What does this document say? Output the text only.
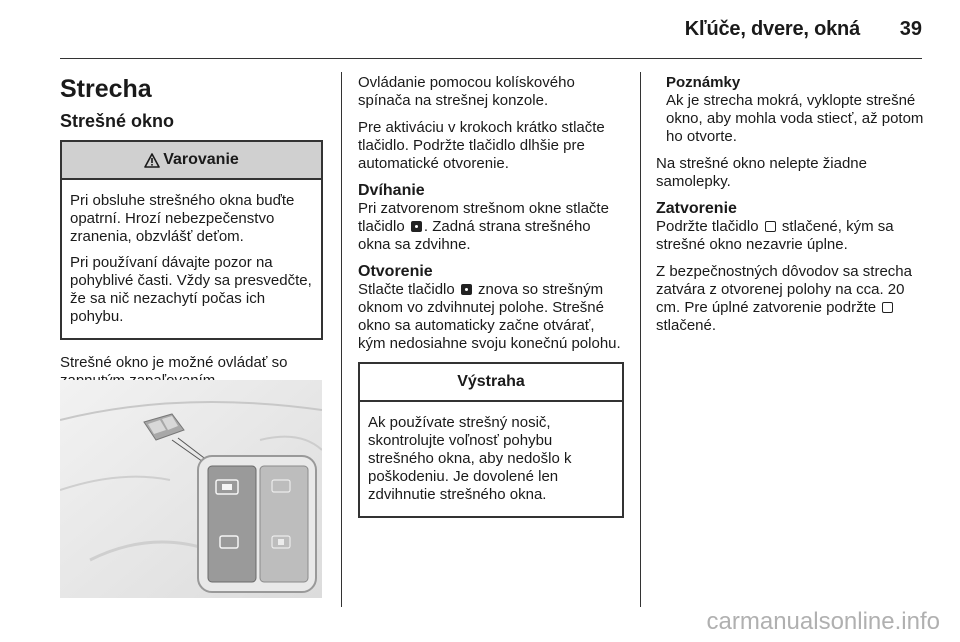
Kľúče, dvere, okná	39
Strecha
Strešné okno
Varovanie

Pri obsluhe strešného okna buďte opatrní. Hrozí nebezpečenstvo zranenia, obzvlášť deťom.

Pri používaní dávajte pozor na pohyblivé časti. Vždy sa presvedčte, že sa nič nezachytí počas ich pohybu.

Strešné okno je možné ovládať so

Ovládanie pomocou kolískového spínača na strešnej konzole.

Pre aktiváciu v krokoch krátko stlačte tlačidlo. Podržte tlačidlo dlhšie pre automatické otvorenie.

Dvíhanie

Pri zatvorenom strešnom okne stlačte tlačidlo . Zadná strana strešného okna sa zdvihne.

Otvorenie

Stlačte tlačidlo  znova so strešným oknom vo zdvihnutej polohe. Strešné okno sa automaticky začne otvárať, kým nedosiahne svoju konečnú polohu.

Výstraha

Ak používate strešný nosič, skontrolujte voľnosť pohybu strešného okna, aby nedošlo k poškodeniu. Je dovolené len zdvihnutie strešného okna.

Poznámky

Ak je strecha mokrá, vyklopte strešné okno, aby mohla voda stiecť, až potom ho otvorte.

Na strešné okno nelepte žiadne samolepky.

Zatvorenie

Podržte tlačidlo  stlačené, kým sa strešné okno nezavrie úplne.

Z bezpečnostných dôvodov sa strecha zatvára z otvorenej polohy na cca. 20 cm. Pre úplné zatvorenie podržte  stlačené.

carmanualsonline.info
